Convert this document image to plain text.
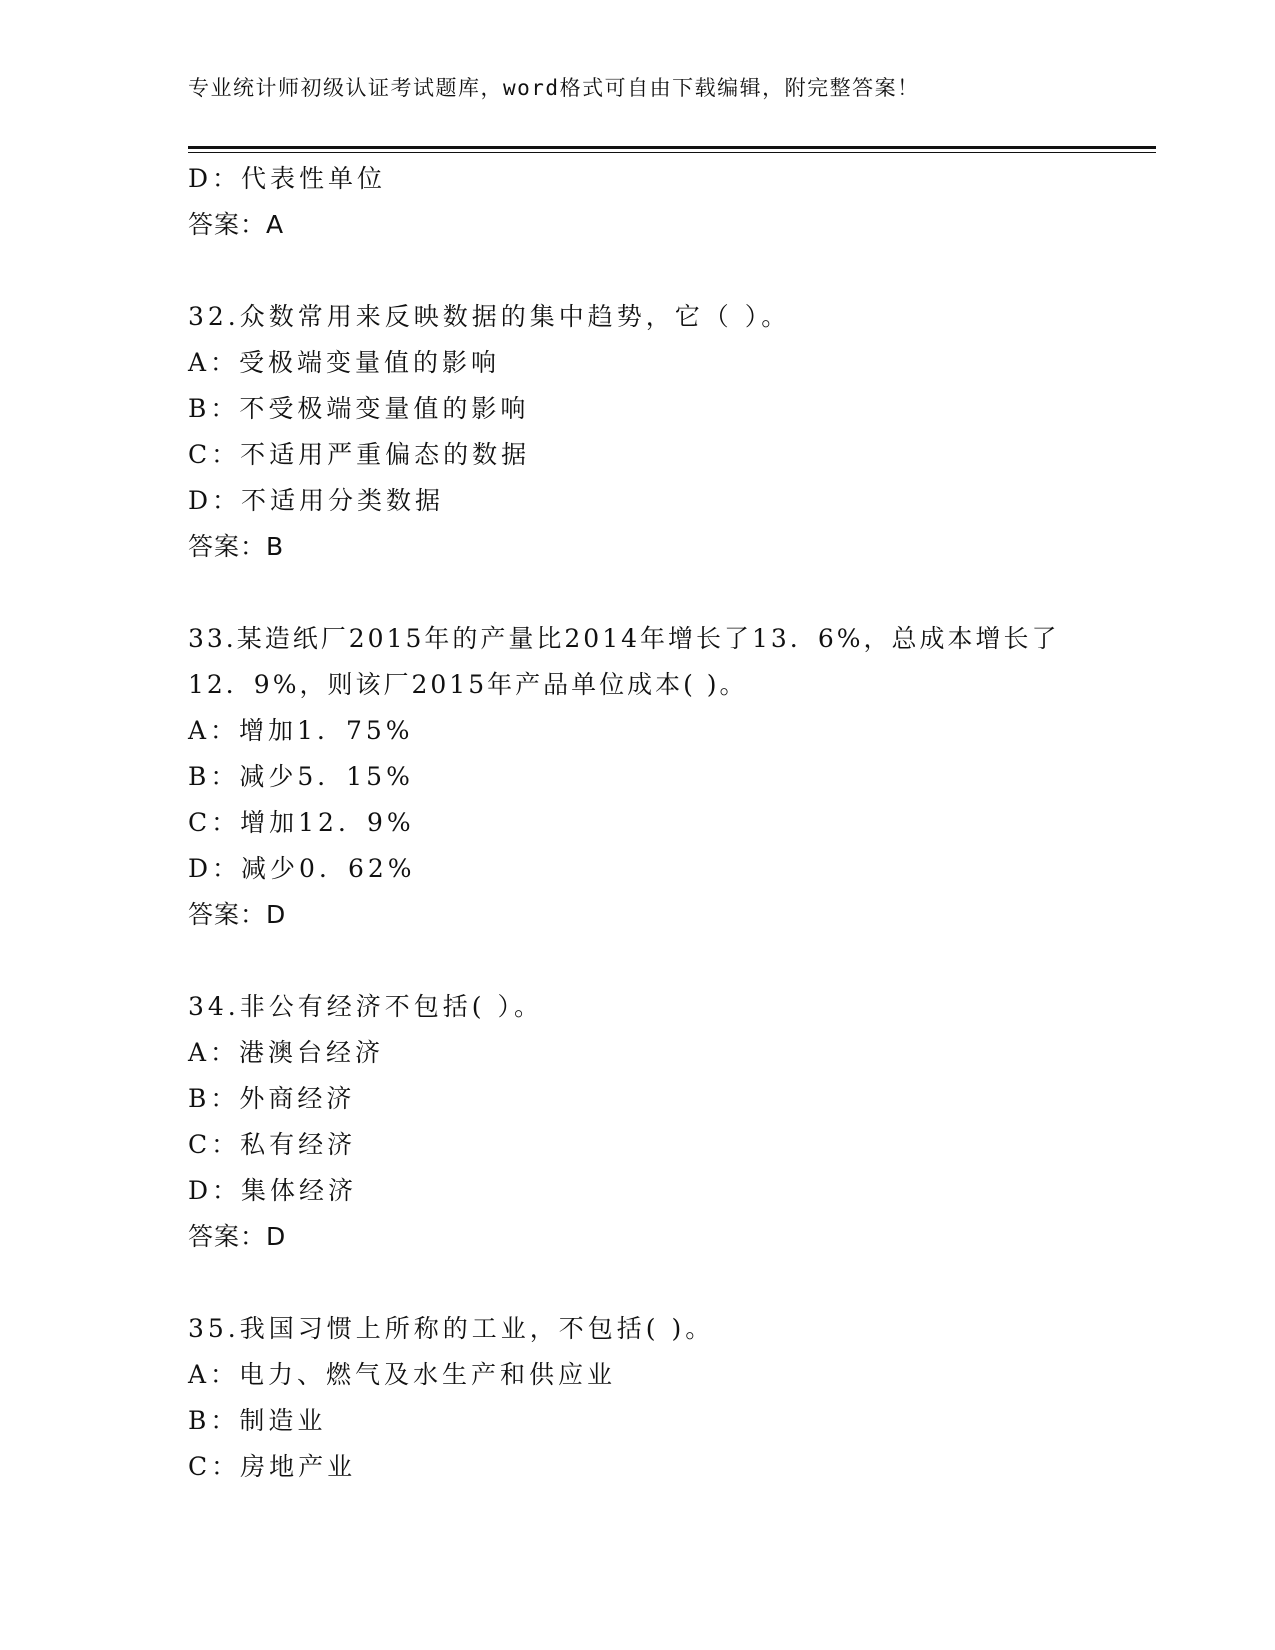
专业统计师初级认证考试题库，word格式可自由下载编辑，附完整答案！
D：代表性单位
答案：A
32.众数常用来反映数据的集中趋势，它（ ）。
A：受极端变量值的影响
B：不受极端变量值的影响
C：不适用严重偏态的数据
D：不适用分类数据
答案：B
33.某造纸厂2015年的产量比2014年增长了13．6%，总成本增长了
12．9%，则该厂2015年产品单位成本( )。
A：增加1．75%
B：减少5．15%
C：增加12．9%
D：减少0．62%
答案：D
34.非公有经济不包括( ）。
A：港澳台经济
B：外商经济
C：私有经济
D：集体经济
答案：D
35.我国习惯上所称的工业，不包括( )。
A：电力、燃气及水生产和供应业
B：制造业
C：房地产业
